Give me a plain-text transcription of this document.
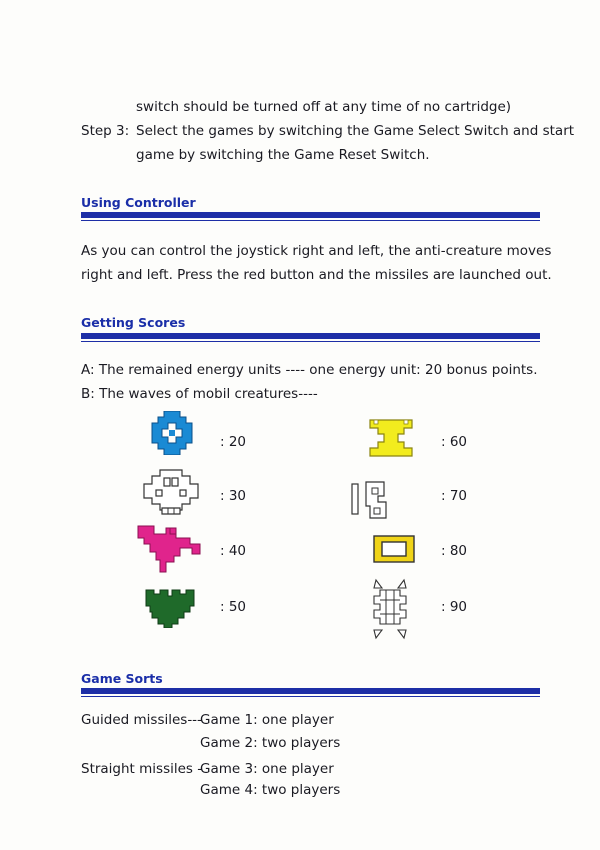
switch should be turned off at any time of no cartridge)
Step 3: Select the games by switching the Game Select Switch and start
game by switching the Game Reset Switch.
Using Controller
As you can control the joystick right and left, the anti-creature moves
right and left. Press the red button and the missiles are launched out.
Getting Scores
A: The remained energy units ---- one energy unit: 20 bonus points.
B: The waves of mobil creatures----
: 20
: 30
: 40
: 50
: 60
: 70
: 80
: 90
Game Sorts
Guided missiles---
Game 1: one player
Game 2: two players
Straight missiles -
Game 3: one player
Game 4: two players
